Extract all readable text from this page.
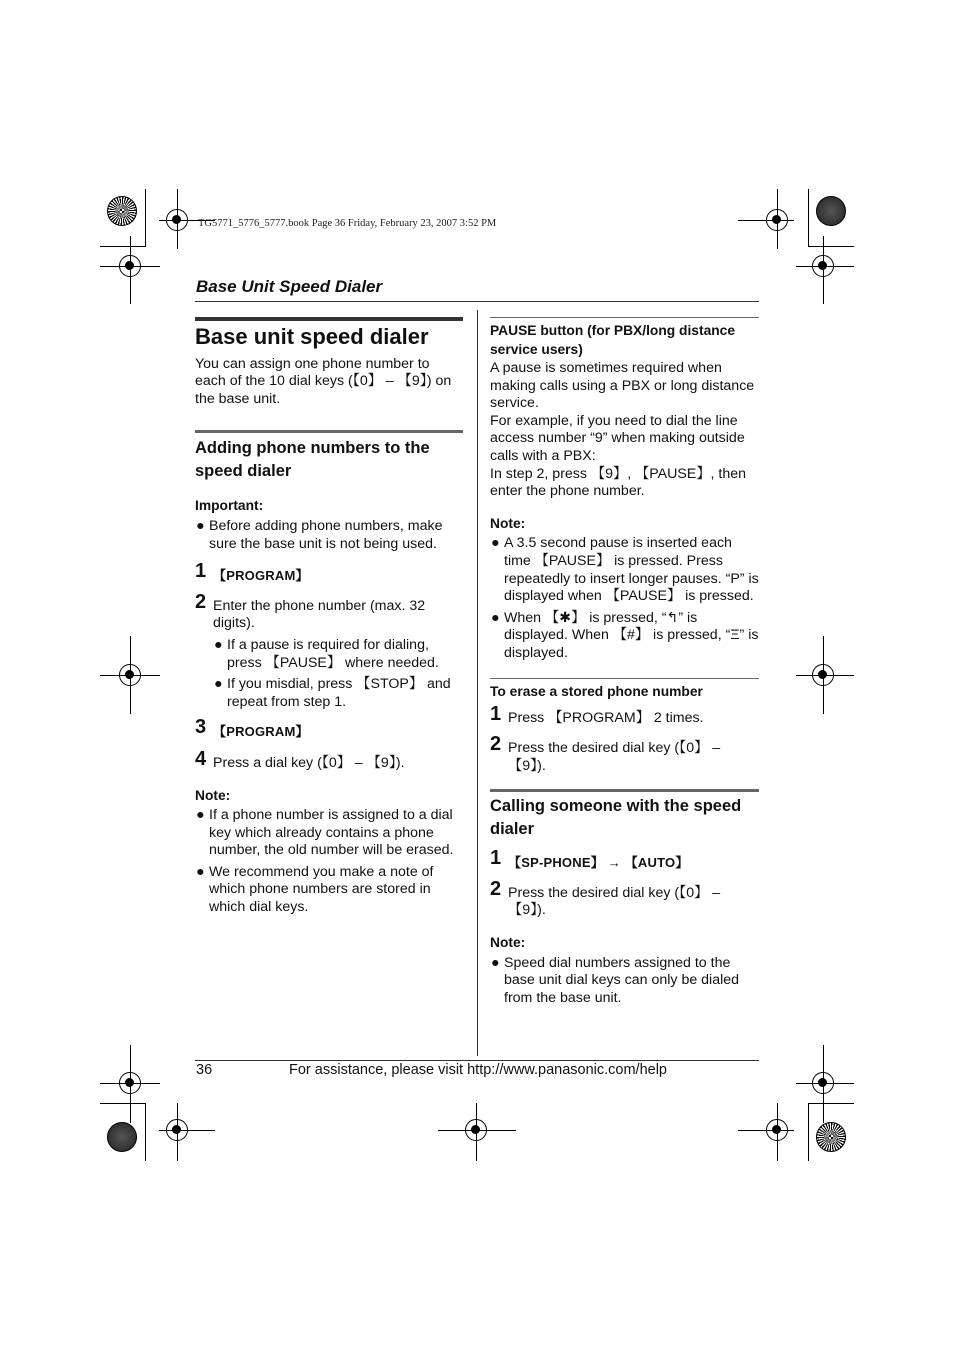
TG5771_5776_5777.book Page 36 Friday, February 23, 2007 3:52 PM
Base Unit Speed Dialer
Base unit speed dialer

You can assign one phone number to each of the 10 dial keys (【0】 – 【9】) on the base unit.

Adding phone numbers to the speed dialer
Important:
● Before adding phone numbers, make sure the base unit is not being used.
1 【PROGRAM】
2 Enter the phone number (max. 32 digits).
● If a pause is required for dialing, press 【PAUSE】 where needed.
● If you misdial, press 【STOP】 and repeat from step 1.
3 【PROGRAM】
4 Press a dial key (【0】 – 【9】).
Note:
● If a phone number is assigned to a dial key which already contains a phone number, the old number will be erased.
● We recommend you make a note of which phone numbers are stored in which dial keys.
PAUSE button (for PBX/long distance service users)

A pause is sometimes required when making calls using a PBX or long distance service.

For example, if you need to dial the line access number “9” when making outside calls with a PBX:

In step 2, press 【9】, 【PAUSE】, then enter the phone number.

Note:
● A 3.5 second pause is inserted each time 【PAUSE】 is pressed. Press repeatedly to insert longer pauses. “P” is displayed when 【PAUSE】 is pressed.
● When 【✱】 is pressed, “↰” is displayed. When 【#】 is pressed, “Ξ” is displayed.
To erase a stored phone number
1 Press 【PROGRAM】 2 times.
2 Press the desired dial key (【0】 – 【9】).
Calling someone with the speed dialer
1 【SP-PHONE】 → 【AUTO】
2 Press the desired dial key (【0】 – 【9】).
Note:
● Speed dial numbers assigned to the base unit dial keys can only be dialed from the base unit.
36	For assistance, please visit http://www.panasonic.com/help
